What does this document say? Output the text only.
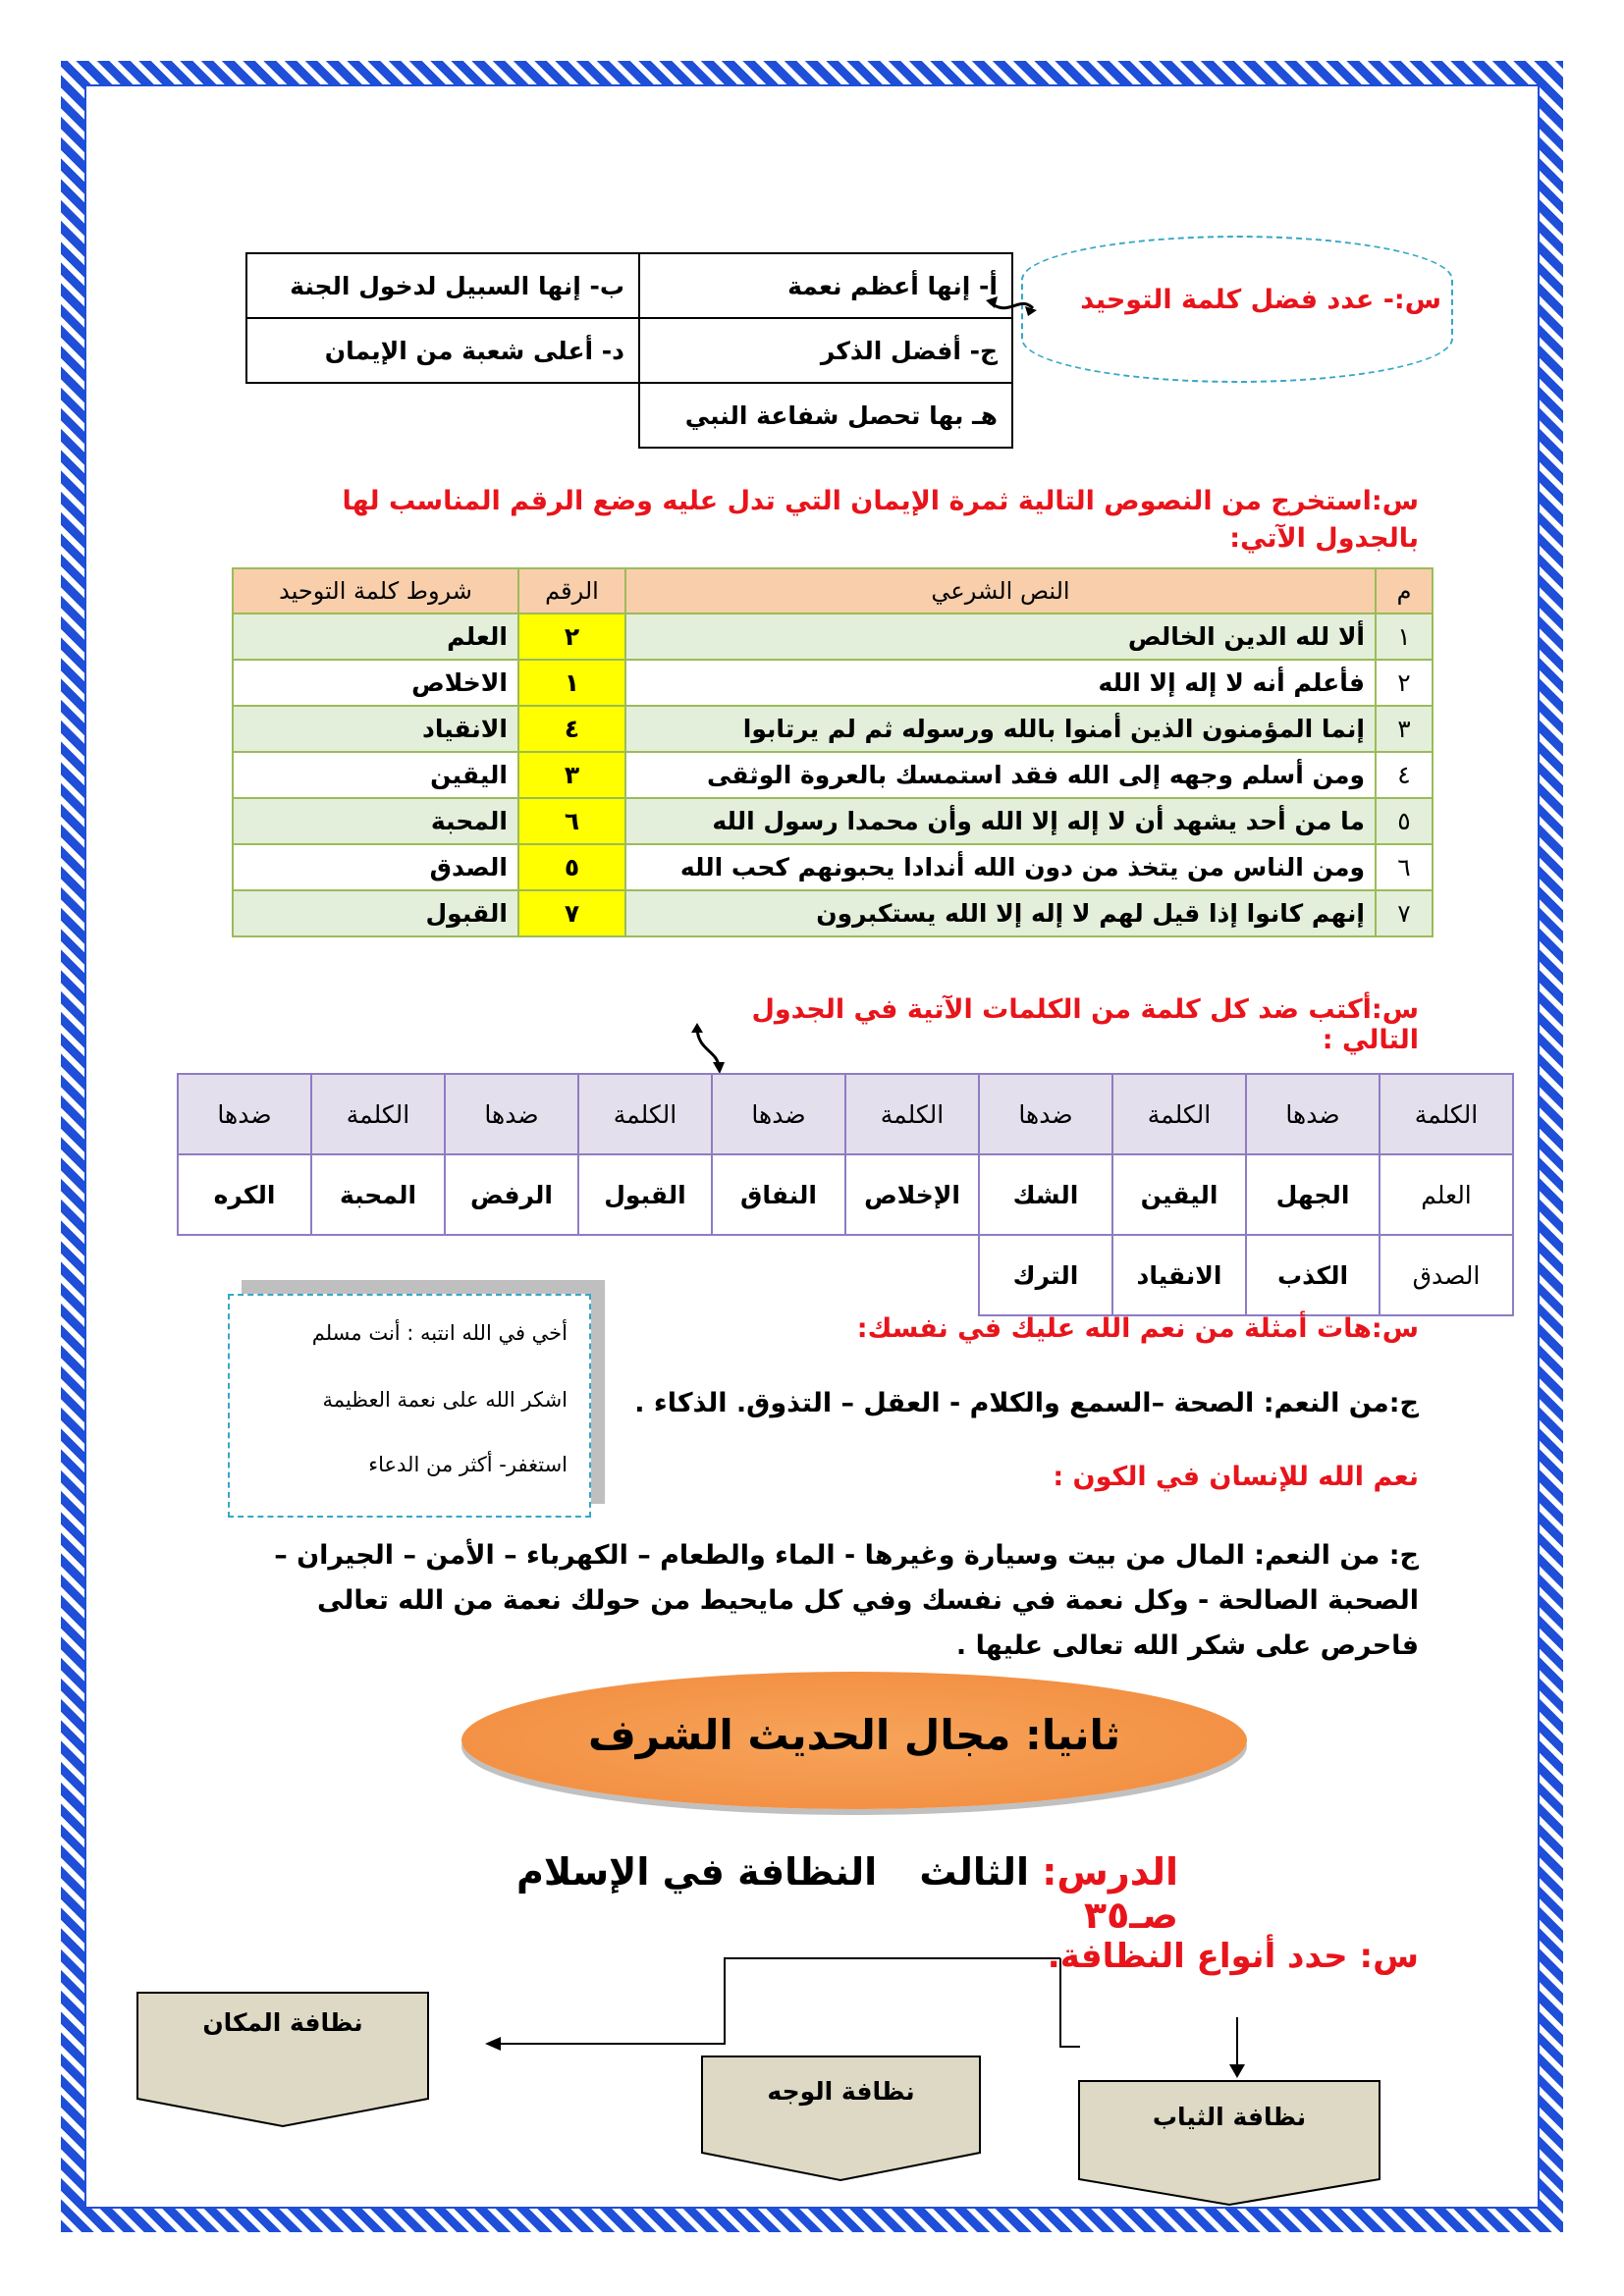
س:- عدد فضل كلمة التوحيد
أ- إنها أعظم نعمة	ب- إنها السبيل لدخول الجنة
ج- أفضل الذكر	د- أعلى شعبة من الإيمان
هـ بها تحصل شفاعة النبي	
س:استخرج من النصوص التالية ثمرة الإيمان التي تدل عليه وضع الرقم المناسب لها بالجدول الآتي:
م	النص الشرعي	الرقم	شروط كلمة التوحيد
١	ألا لله الدين الخالص	٢	العلم
٢	فأعلم أنه لا إله إلا الله	١	الاخلاص
٣	إنما المؤمنون الذين أمنوا بالله ورسوله ثم لم يرتابوا	٤	الانقياد
٤	ومن أسلم وجهه إلى الله فقد استمسك بالعروة الوثقى	٣	اليقين
٥	ما من أحد يشهد أن لا إله إلا الله وأن محمدا رسول الله	٦	المحبة
٦	ومن الناس من يتخذ من دون الله أندادا يحبونهم كحب الله	٥	الصدق
٧	إنهم كانوا إذا قيل لهم لا إله إلا الله يستكبرون	٧	القبول
س:أكتب ضد كل كلمة من الكلمات الآتية في الجدول التالي :
الكلمة	ضدها	الكلمة	ضدها	الكلمة	ضدها	الكلمة	ضدها	الكلمة	ضدها
العلم	الجهل	اليقين	الشك	الإخلاص	النفاق	القبول	الرفض	المحبة	الكره
الصدق	الكذب	الانقياد	الترك						
أخي في الله انتبه : أنت مسلم
اشكر الله على نعمة العظيمة
استغفر- أكثر من الدعاء
س:هات أمثلة من نعم الله عليك في نفسك:
ج:من النعم: الصحة –السمع والكلام - العقل – التذوق. الذكاء .
نعم الله للإنسان في الكون :
ج: من النعم: المال من بيت وسيارة وغيرها - الماء والطعام – الكهرباء – الأمن – الجيران – الصحبة الصالحة - وكل نعمة في نفسك وفي كل مايحيط من حولك نعمة من الله تعالى فاحرص على شكر الله تعالى عليها .
ثانيا: مجال الحديث الشرف
الدرس: الثالث النظافة في الإسلام صـ٣٥
س: حدد أنواع النظافة.
نظافة المكان
نظافة الوجه
نظافة الثياب
